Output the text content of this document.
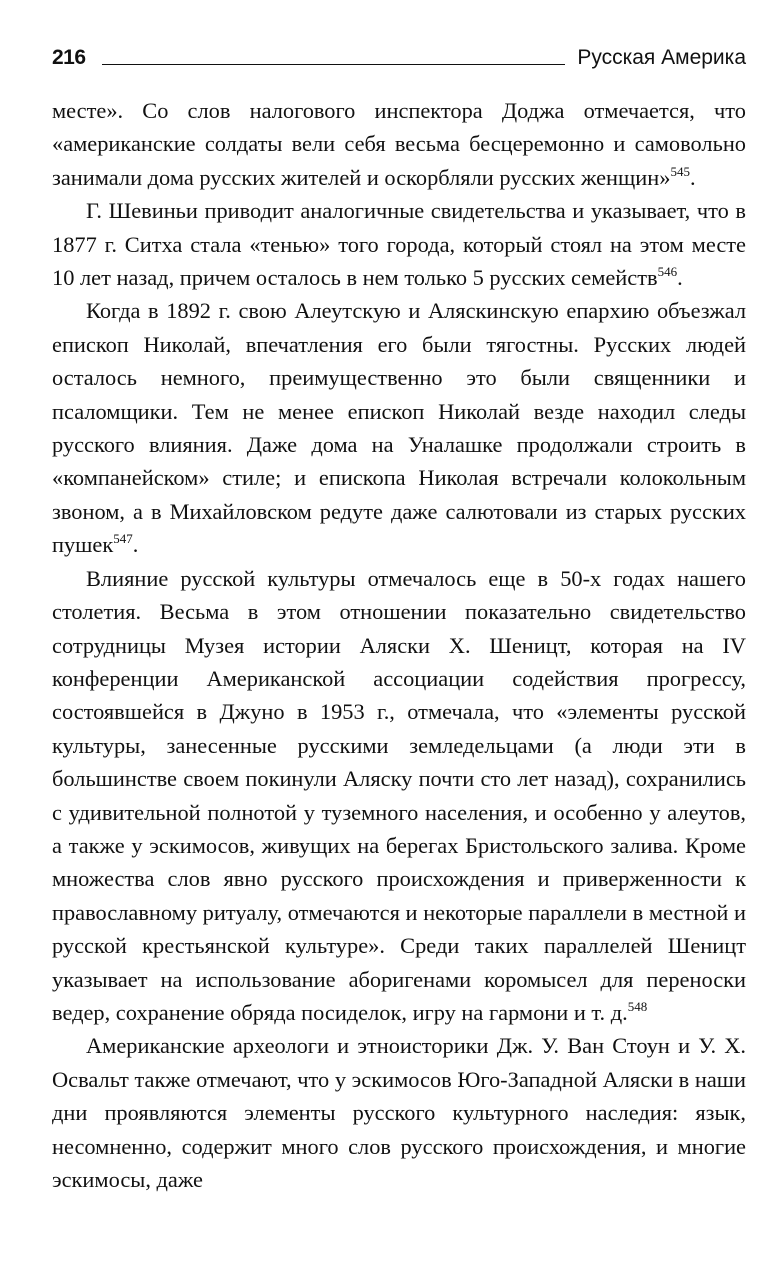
216	Русская Америка

месте». Со слов налогового инспектора Доджа отмечается, что «американские солдаты вели себя весьма бесцеремонно и самовольно занимали дома русских жителей и оскорбляли русских женщин»$^{545}$.

Г. Шевиньи приводит аналогичные свидетельства и указывает, что в 1877 г. Ситха стала «тенью» того города, который стоял на этом месте 10 лет назад, причем осталось в нем только 5 русских семейств$^{546}$.

Когда в 1892 г. свою Алеутскую и Аляскинскую епархию объезжал епископ Николай, впечатления его были тягостны. Русских людей осталось немного, преимущественно это были священники и псаломщики. Тем не менее епископ Николай везде находил следы русского влияния. Даже дома на Уналашке продолжали строить в «компанейском» стиле; и епископа Николая встречали колокольным звоном, а в Михайловском редуте даже салютовали из старых русских пушек$^{547}$.

Влияние русской культуры отмечалось еще в 50-х годах нашего столетия. Весьма в этом отношении показательно свидетельство сотрудницы Музея истории Аляски Х. Шеницт, которая на IV конференции Американской ассоциации содействия прогрессу, состоявшейся в Джуно в 1953 г., отмечала, что «элементы русской культуры, занесенные русскими земледельцами (а люди эти в большинстве своем покинули Аляску почти сто лет назад), сохранились с удивительной полнотой у туземного населения, и особенно у алеутов, а также у эскимосов, живущих на берегах Бристольского залива. Кроме множества слов явно русского происхождения и приверженности к православному ритуалу, отмечаются и некоторые параллели в местной и русской крестьянской культуре». Среди таких параллелей Шеницт указывает на использование аборигенами коромысел для переноски ведер, сохранение обряда посиделок, игру на гармони и т. д.$^{548}$

Американские археологи и этноисторики Дж. У. Ван Стоун и У. Х. Освальт также отмечают, что у эскимосов Юго-Западной Аляски в наши дни проявляются элементы русского культурного наследия: язык, несомненно, содержит много слов русского происхождения, и многие эскимосы, даже
